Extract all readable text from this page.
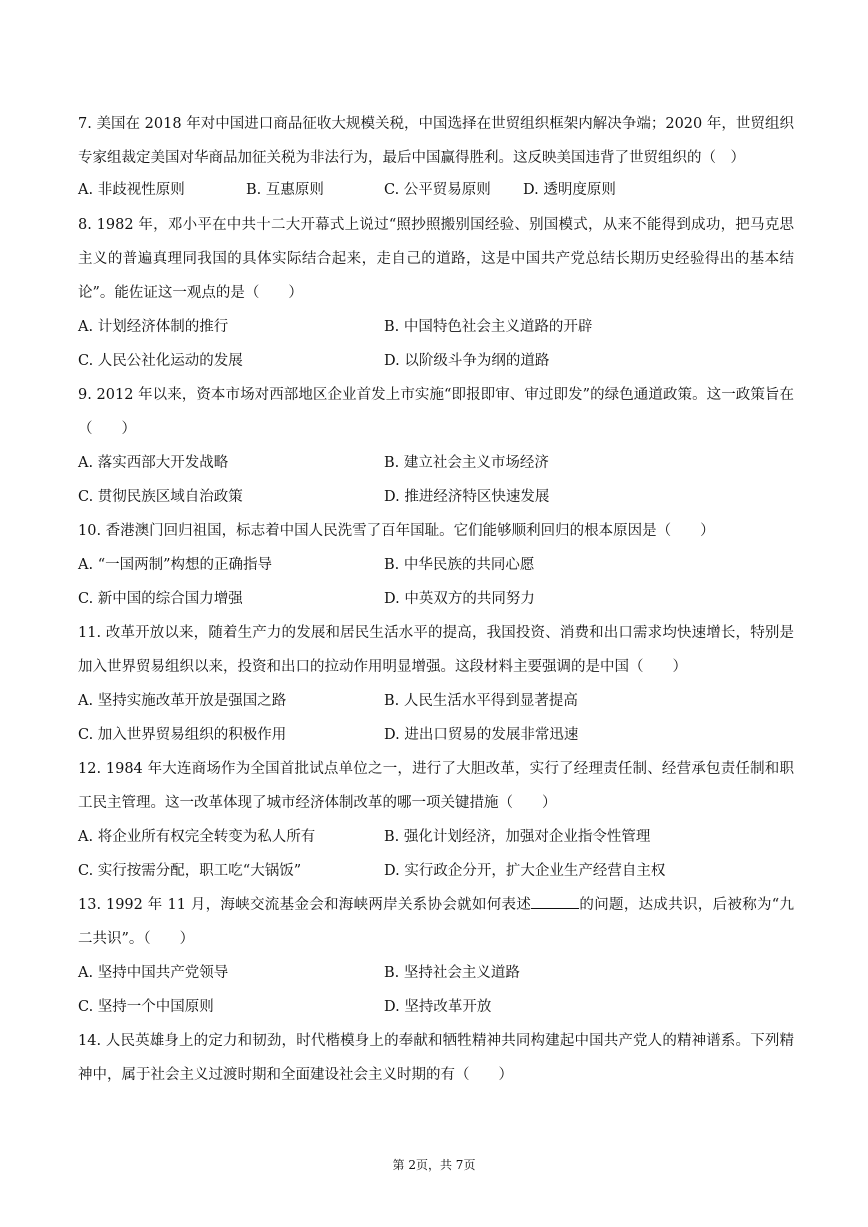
7. 美国在 2018 年对中国进口商品征收大规模关税，中国选择在世贸组织框架内解决争端；2020 年，世贸组织专家组裁定美国对华商品加征关税为非法行为，最后中国赢得胜利。这反映美国违背了世贸组织的（　）

A. 非歧视性原则	B. 互惠原则	C. 公平贸易原则 D. 透明度原则

8. 1982 年，邓小平在中共十二大开幕式上说过“照抄照搬别国经验、别国模式，从来不能得到成功，把马克思主义的普遍真理同我国的具体实际结合起来，走自己的道路，这是中国共产党总结长期历史经验得出的基本结论”。能佐证这一观点的是（　　）

A. 计划经济体制的推行	B. 中国特色社会主义道路的开辟
C. 人民公社化运动的发展	D. 以阶级斗争为纲的道路

9. 2012 年以来，资本市场对西部地区企业首发上市实施“即报即审、审过即发”的绿色通道政策。这一政策旨在（　　）

A. 落实西部大开发战略	B. 建立社会主义市场经济
C. 贯彻民族区域自治政策	D. 推进经济特区快速发展

10. 香港澳门回归祖国，标志着中国人民洗雪了百年国耻。它们能够顺利回归的根本原因是（　　）

A. “一国两制”构想的正确指导	B. 中华民族的共同心愿
C. 新中国的综合国力增强	D. 中英双方的共同努力

11. 改革开放以来，随着生产力的发展和居民生活水平的提高，我国投资、消费和出口需求均快速增长，特别是加入世界贸易组织以来，投资和出口的拉动作用明显增强。这段材料主要强调的是中国（　　）

A. 坚持实施改革开放是强国之路	B. 人民生活水平得到显著提高
C. 加入世界贸易组织的积极作用	D. 进出口贸易的发展非常迅速

12. 1984 年大连商场作为全国首批试点单位之一，进行了大胆改革，实行了经理责任制、经营承包责任制和职工民主管理。这一改革体现了城市经济体制改革的哪一项关键措施（　　）

A. 将企业所有权完全转变为私人所有	B. 强化计划经济，加强对企业指令性管理
C. 实行按需分配，职工吃“大锅饭”	D. 实行政企分开，扩大企业生产经营自主权

13. 1992 年 11 月，海峡交流基金会和海峡两岸关系协会就如何表述	的问题，达成共识，后被称为“九二共识”。（　　）

A. 坚持中国共产党领导	B. 坚持社会主义道路
C. 坚持一个中国原则	D. 坚持改革开放

14. 人民英雄身上的定力和韧劲，时代楷模身上的奉献和牺牲精神共同构建起中国共产党人的精神谱系。下列精神中，属于社会主义过渡时期和全面建设社会主义时期的有（　　）

第 2页，共 7页
